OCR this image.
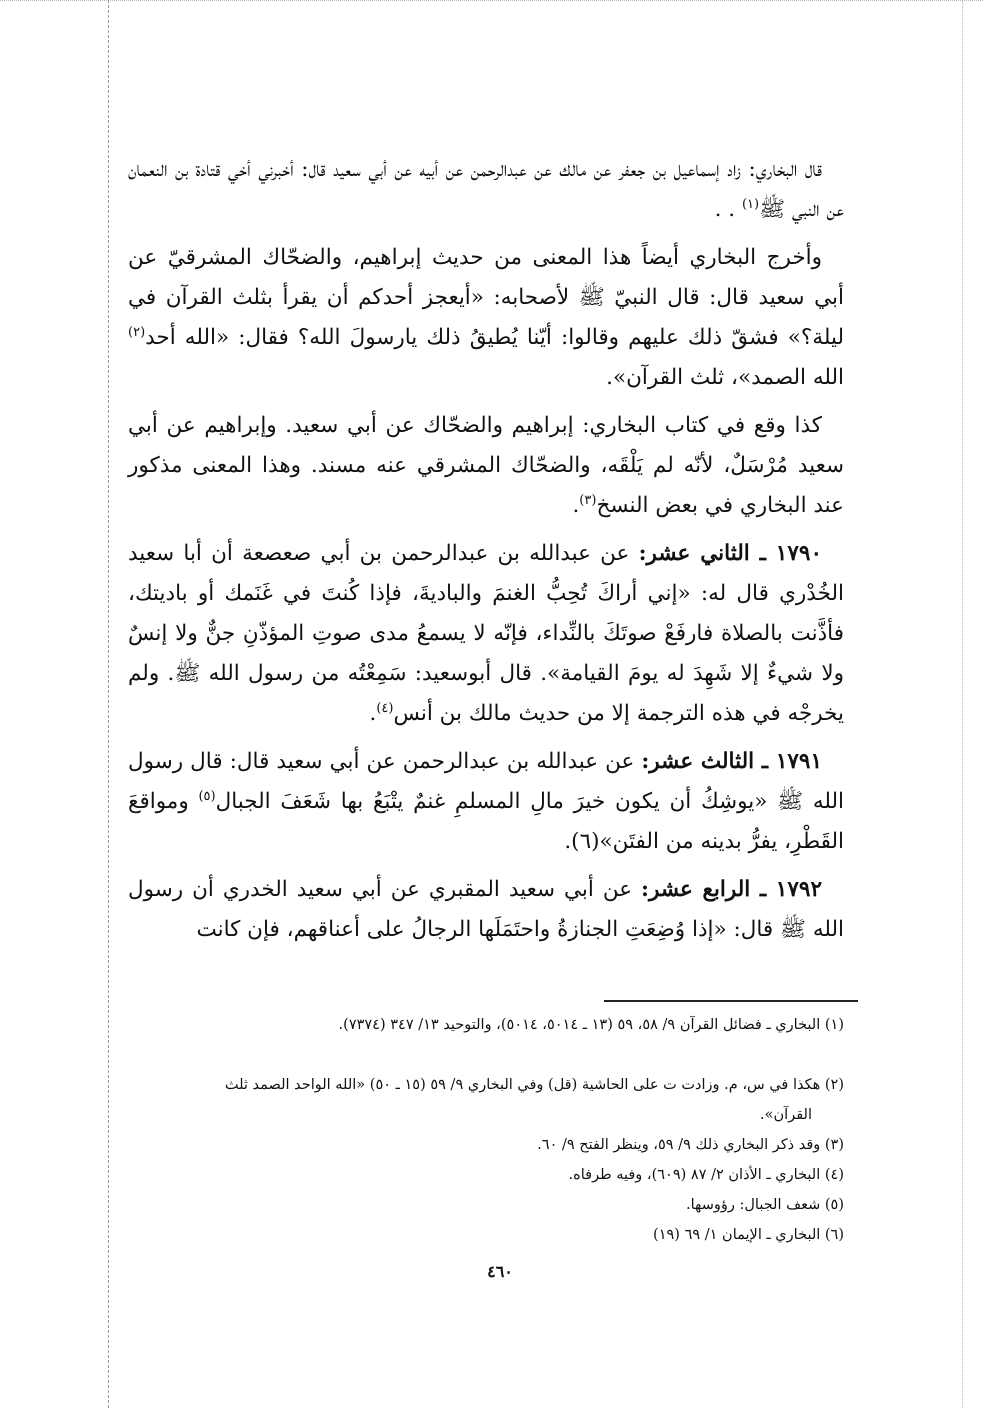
قال البخاري: زاد إسماعيل بن جعفر عن مالك عن عبدالرحمن عن أبيه عن أبي سعيد قال: أخبرني أخي قتادة بن النعمان عن النبي ﷺ$^{(١)}$ . .

وأخرج البخاري أيضاً هذا المعنى من حديث إبراهيم، والضحّاك المشرقيّ عن أبي سعيد قال: قال النبيّ ﷺ لأصحابه: «أيعجز أحدكم أن يقرأ بثلث القرآن في ليلة؟» فشقّ ذلك عليهم وقالوا: أيّنا يُطيقُ ذلك يارسولَ الله؟ فقال: «الله أحد$^{(٢)}$ الله الصمد»، ثلث القرآن».

كذا وقع في كتاب البخاري: إبراهيم والضحّاك عن أبي سعيد. وإبراهيم عن أبي سعيد مُرْسَلٌ، لأنّه لم يَلْقَه، والضحّاك المشرقي عنه مسند. وهذا المعنى مذكور عند البخاري في بعض النسخ$^{(٣)}$.

١٧٩٠ ـ الثاني عشر: عن عبدالله بن عبدالرحمن بن أبي صعصعة أن أبا سعيد الخُدْري قال له: «إني أراكَ تُحِبُّ الغنمَ والباديةَ، فإذا كُنتَ في غَنَمك أو باديتك، فأذَّنت بالصلاة فارفَعْ صوتَكَ بالنِّداء، فإنّه لا يسمعُ مدى صوتِ المؤذّنِ جنٌّ ولا إنسٌ ولا شيءٌ إلا شَهِدَ له يومَ القيامة». قال أبوسعيد: سَمِعْتُه من رسول الله ﷺ. ولم يخرجْه في هذه الترجمة إلا من حديث مالك بن أنس$^{(٤)}$.

١٧٩١ ـ الثالث عشر: عن عبدالله بن عبدالرحمن عن أبي سعيد قال: قال رسول الله ﷺ «يوشِكُ أن يكون خيرَ مالِ المسلمِ غنمٌ يتْبَعُ بها شَعَفَ الجبال$^{(٥)}$ ومواقعَ القَطْرِ، يفرُّ بدينه من الفتَن»(٦).

١٧٩٢ ـ الرابع عشر: عن أبي سعيد المقبري عن أبي سعيد الخدري أن رسول الله ﷺ قال: «إذا وُضِعَتِ الجنازةُ واحتَمَلَها الرجالُ على أعناقهم، فإن كانت

(١) البخاري ـ فضائل القرآن ٩/ ٥٨، ٥٩ (١٣ ـ ٥٠١٤، ٥٠١٤)، والتوحيد ١٣/ ٣٤٧ (٧٣٧٤).

(٢) هكذا في س، م. وزادت ت على الحاشية (قل) وفي البخاري ٩/ ٥٩ (١٥ ـ ٥٠) «الله الواحد الصمد ثلث
القرآن».

(٣) وقد ذكر البخاري ذلك ٩/ ٥٩، وينظر الفتح ٩/ ٦٠.

(٤) البخاري ـ الأذان ٢/ ٨٧ (٦٠٩)، وفيه طرفاه.

(٥) شعف الجبال: رؤوسها.

(٦) البخاري ـ الإيمان ١/ ٦٩ (١٩)

٤٦٠
